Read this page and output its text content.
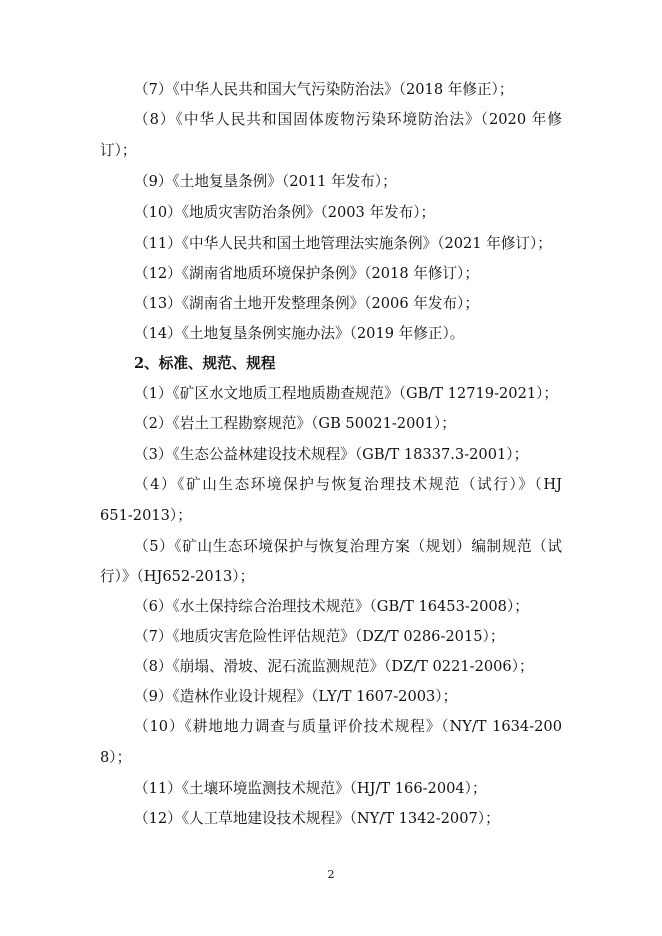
（7）《中华人民共和国大气污染防治法》（2018 年修正）；
（8）《中华人民共和国固体废物污染环境防治法》（2020 年修
订）；
（9）《土地复垦条例》（2011 年发布）；
（10）《地质灾害防治条例》（2003 年发布）；
（11）《中华人民共和国土地管理法实施条例》（2021 年修订）；
（12）《湖南省地质环境保护条例》（2018 年修订）；
（13）《湖南省土地开发整理条例》（2006 年发布）；
（14）《土地复垦条例实施办法》（2019 年修正）。
2、标准、规范、规程
（1）《矿区水文地质工程地质勘查规范》（GB/T 12719-2021）；
（2）《岩土工程勘察规范》（GB 50021-2001）；
（3）《生态公益林建设技术规程》（GB/T 18337.3-2001）；
（4）《矿山生态环境保护与恢复治理技术规范（试行）》（HJ
651-2013）；
（5）《矿山生态环境保护与恢复治理方案（规划）编制规范（试
行）》（HJ652-2013）；
（6）《水土保持综合治理技术规范》（GB/T 16453-2008）；
（7）《地质灾害危险性评估规范》（DZ/T 0286-2015）；
（8）《崩塌、滑坡、泥石流监测规范》（DZ/T 0221-2006）；
（9）《造林作业设计规程》（LY/T 1607-2003）；
（10）《耕地地力调查与质量评价技术规程》（NY/T 1634-200
8）；
（11）《土壤环境监测技术规范》（HJ/T 166-2004）；
（12）《人工草地建设技术规程》（NY/T 1342-2007）；
2
